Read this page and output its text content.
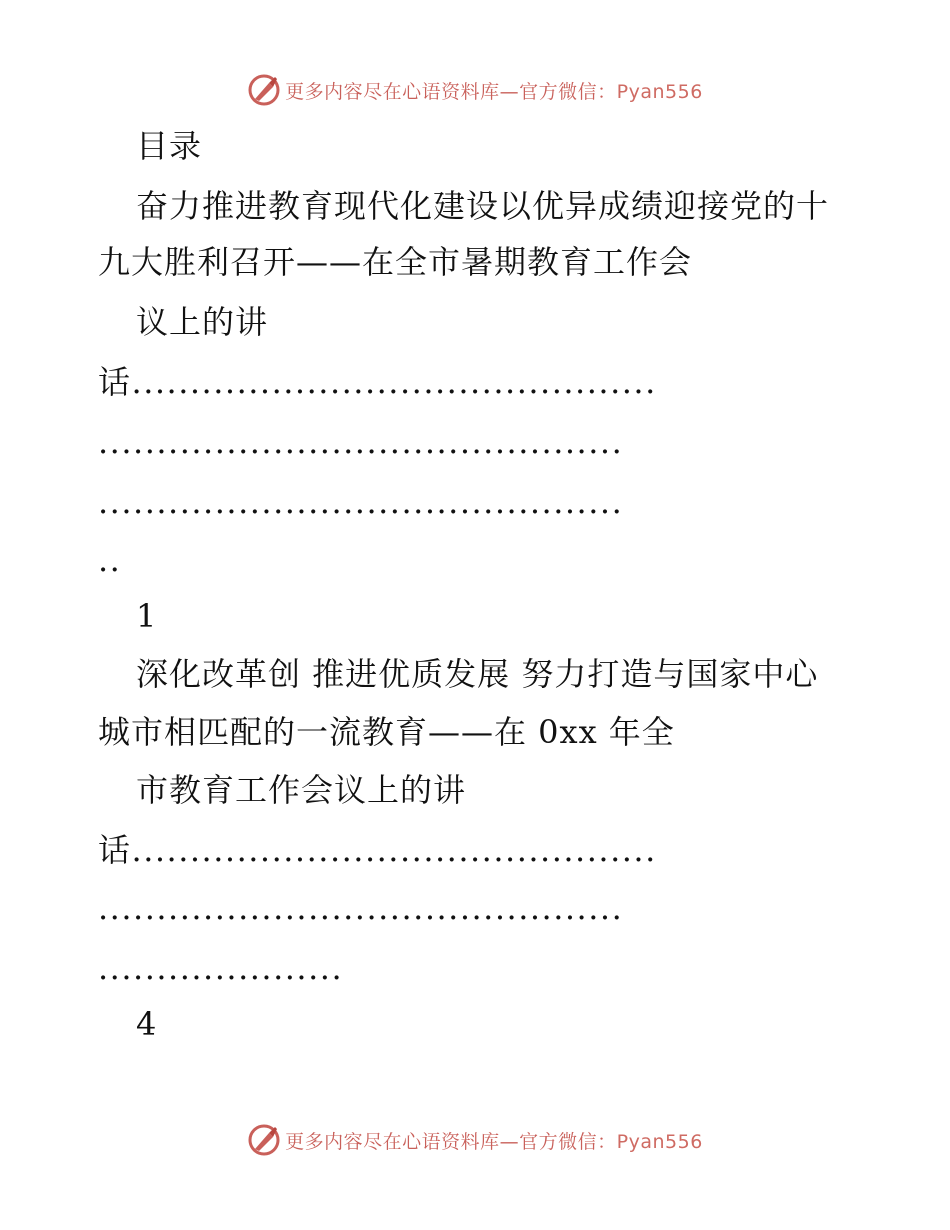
更多内容尽在心语资料库—官方微信：Pyan556
目录
奋力推进教育现代化建设以优异成绩迎接党的十
九大胜利召开——在全市暑期教育工作会
议上的讲
话.............................................
.............................................
.............................................
..
1
深化改革创 推进优质发展 努力打造与国家中心
城市相匹配的一流教育——在 0xx 年全
市教育工作会议上的讲
话.............................................
.............................................
.....................
4
更多内容尽在心语资料库—官方微信：Pyan556
